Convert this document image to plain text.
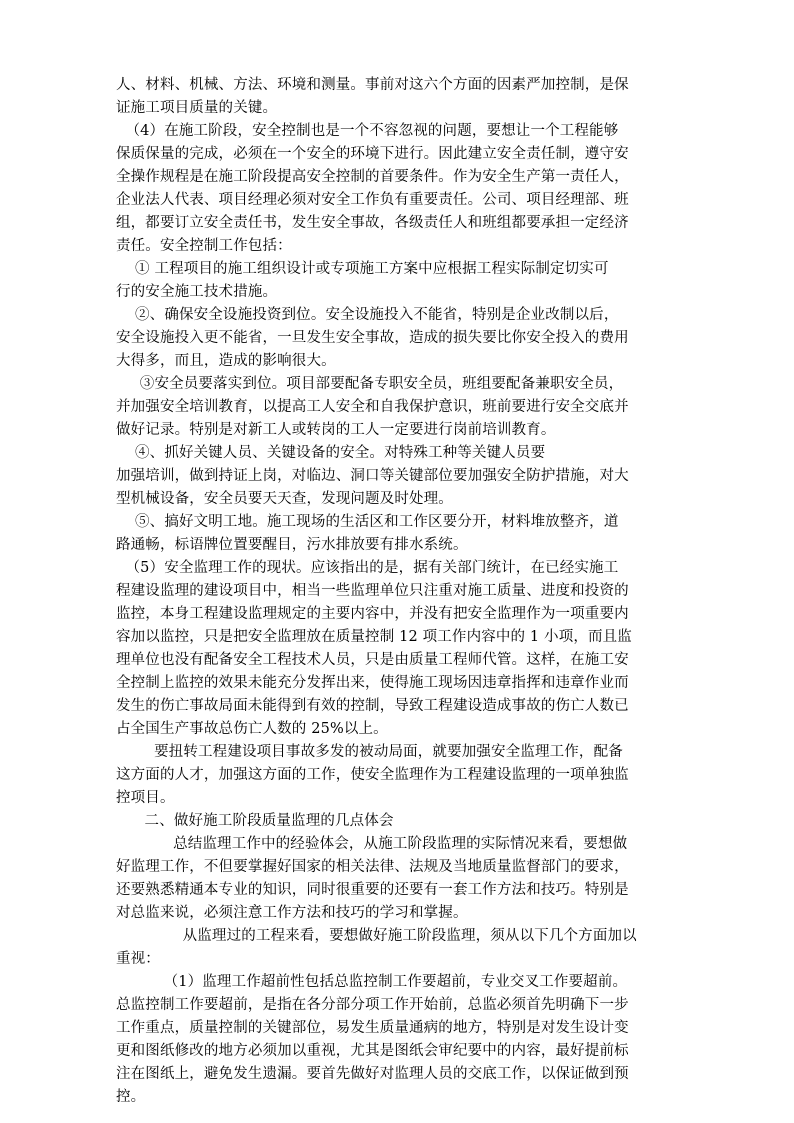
人、材料、机械、方法、环境和测量。事前对这六个方面的因素严加控制，是保
证施工项目质量的关键。
（4）在施工阶段，安全控制也是一个不容忽视的问题，要想让一个工程能够
保质保量的完成，必须在一个安全的环境下进行。因此建立安全责任制，遵守安
全操作规程是在施工阶段提高安全控制的首要条件。作为安全生产第一责任人，
企业法人代表、项目经理必须对安全工作负有重要责任。公司、项目经理部、班
组，都要订立安全责任书，发生安全事故，各级责任人和班组都要承担一定经济
责任。安全控制工作包括：
① 工程项目的施工组织设计或专项施工方案中应根据工程实际制定切实可
行的安全施工技术措施。
②、确保安全设施投资到位。安全设施投入不能省，特别是企业改制以后，
安全设施投入更不能省，一旦发生安全事故，造成的损失要比你安全投入的费用
大得多，而且，造成的影响很大。
③安全员要落实到位。项目部要配备专职安全员，班组要配备兼职安全员，
并加强安全培训教育，以提高工人安全和自我保护意识，班前要进行安全交底并
做好记录。特别是对新工人或转岗的工人一定要进行岗前培训教育。
④、抓好关键人员、关键设备的安全。对特殊工种等关键人员要
加强培训，做到持证上岗，对临边、洞口等关键部位要加强安全防护措施，对大
型机械设备，安全员要天天查，发现问题及时处理。
⑤、搞好文明工地。施工现场的生活区和工作区要分开，材料堆放整齐，道
路通畅，标语牌位置要醒目，污水排放要有排水系统。
（5）安全监理工作的现状。应该指出的是，据有关部门统计，在已经实施工
程建设监理的建设项目中，相当一些监理单位只注重对施工质量、进度和投资的
监控，本身工程建设监理规定的主要内容中，并没有把安全监理作为一项重要内
容加以监控，只是把安全监理放在质量控制 12 项工作内容中的 1 小项，而且监
理单位也没有配备安全工程技术人员，只是由质量工程师代管。这样，在施工安
全控制上监控的效果未能充分发挥出来，使得施工现场因违章指挥和违章作业而
发生的伤亡事故局面未能得到有效的控制，导致工程建设造成事故的伤亡人数已
占全国生产事故总伤亡人数的 25%以上。
要扭转工程建设项目事故多发的被动局面，就要加强安全监理工作，配备
这方面的人才，加强这方面的工作，使安全监理作为工程建设监理的一项单独监
控项目。
二、做好施工阶段质量监理的几点体会
总结监理工作中的经验体会，从施工阶段监理的实际情况来看，要想做
好监理工作，不但要掌握好国家的相关法律、法规及当地质量监督部门的要求，
还要熟悉精通本专业的知识，同时很重要的还要有一套工作方法和技巧。特别是
对总监来说，必须注意工作方法和技巧的学习和掌握。
从监理过的工程来看，要想做好施工阶段监理，须从以下几个方面加以
重视：
（1）监理工作超前性包括总监控制工作要超前，专业交叉工作要超前。
总监控制工作要超前，是指在各分部分项工作开始前，总监必须首先明确下一步
工作重点，质量控制的关键部位，易发生质量通病的地方，特别是对发生设计变
更和图纸修改的地方必须加以重视，尤其是图纸会审纪要中的内容，最好提前标
注在图纸上，避免发生遗漏。要首先做好对监理人员的交底工作，以保证做到预
控。
